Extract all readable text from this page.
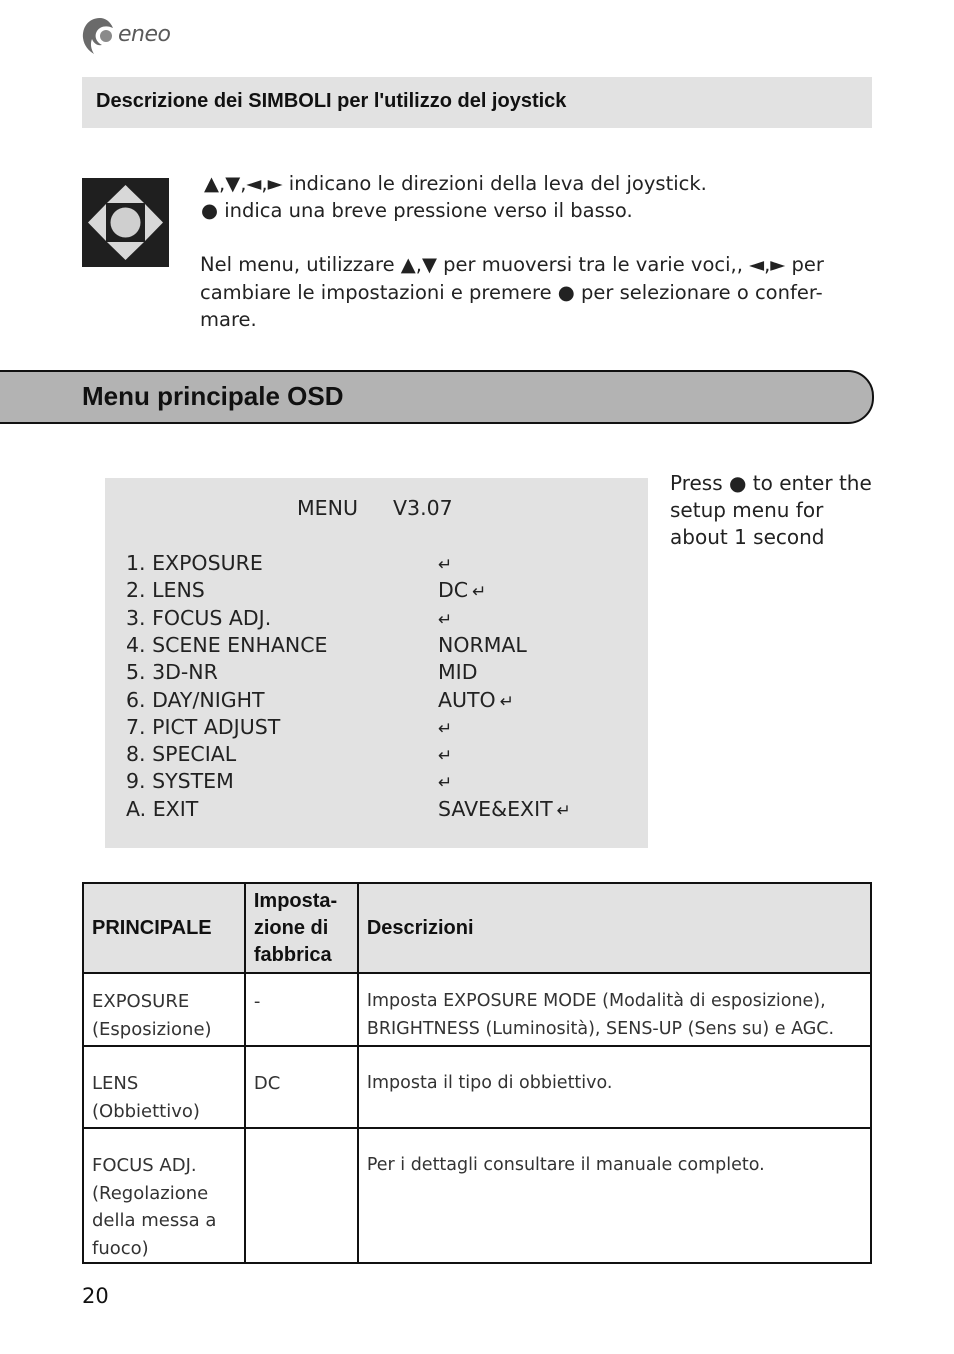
eneo
Descrizione dei SIMBOLI per l'utilizzo del joystick
▲,▼,◄,► indicano le direzioni della leva del joystick.
● indica una breve pressione verso il basso.
Nel menu, utilizzare ▲,▼ per muoversi tra le varie voci,, ◄,► per cambiare le impostazioni e premere ● per selezionare o confer-mare.
Menu principale OSD
MENU V3.07
1. EXPOSURE	↵
2. LENS	DC ↵
3. FOCUS ADJ.	↵
4. SCENE ENHANCE	NORMAL
5. 3D-NR	MID
6. DAY/NIGHT	AUTO ↵
7. PICT ADJUST	↵
8. SPECIAL	↵
9. SYSTEM	↵
A. EXIT	SAVE&EXIT ↵
Press ● to enter the setup menu for about 1 second
PRINCIPALE	Imposta-zione di fabbrica	Descrizioni
EXPOSURE (Esposizione)	-	Imposta EXPOSURE MODE (Modalità di esposizione), BRIGHTNESS (Luminosità), SENS-UP (Sens su) e AGC.
LENS (Obbiettivo)	DC	Imposta il tipo di obbiettivo.
FOCUS ADJ. (Regolazione della messa a fuoco)		Per i dettagli consultare il manuale completo.
20
